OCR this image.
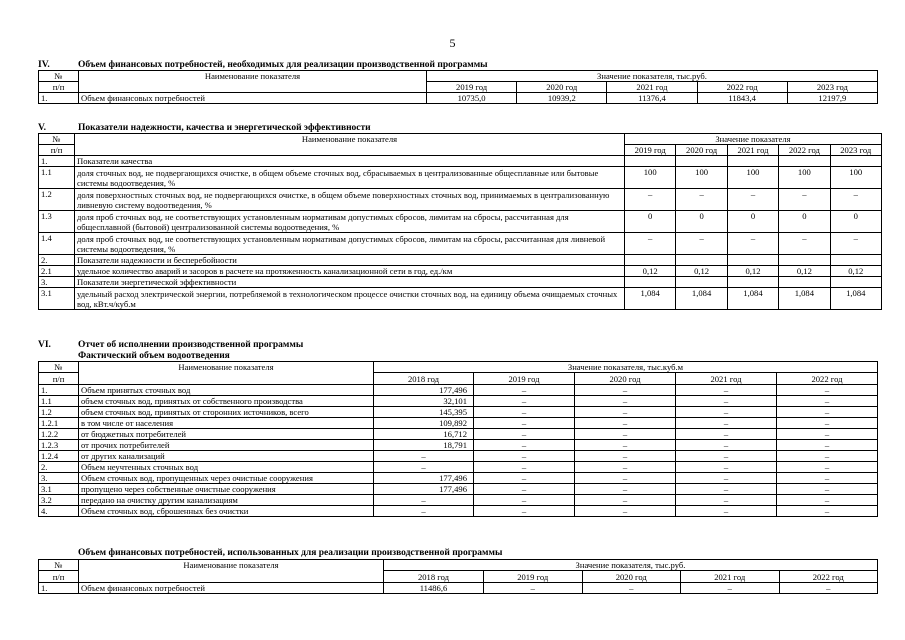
5
IV.	Объем финансовых потребностей, необходимых для реализации производственной программы
№	Наименование показателя	Значение показателя, тыс.руб.				
п/п		2019 год	2020 год	2021 год	2022 год	2023 год
1.	Объем финансовых потребностей	10735,0	10939,2	11376,4	11843,4	12197,9
V.	Показатели надежности, качества и энергетической эффективности
№	Наименование показателя	Значение показателя				
п/п		2019 год	2020 год	2021 год	2022 год	2023 год
1.	Показатели качества					
1.1	доля сточных вод, не подвергающихся очистке, в общем объеме сточных вод, сбрасываемых в централизованные общесплавные или бытовые системы водоотведения, %	100	100	100	100	100
1.2	доля поверхностных сточных вод, не подвергающихся очистке, в общем объеме поверхностных сточных вод, принимаемых в централизованную ливневую систему водоотведения, %	–	–	–	–	–
1.3	доля проб сточных вод, не соответствующих установленным нормативам допустимых сбросов, лимитам на сбросы, рассчитанная для общесплавной (бытовой) централизованной системы водоотведения, %	0	0	0	0	0
1.4	доля проб сточных вод, не соответствующих установленным нормативам допустимых сбросов, лимитам на сбросы, рассчитанная для ливневой системы водоотведения, %	–	–	–	–	–
2.	Показатели надежности и бесперебойности					
2.1	удельное количество аварий и засоров в расчете на протяженность канализационной сети в год, ед./км	0,12	0,12	0,12	0,12	0,12
3.	Показатели энергетической эффективности					
3.1	удельный расход электрической энергии, потребляемой в технологическом процессе очистки сточных вод, на единицу объема очищаемых сточных вод, кВт.ч/куб.м	1,084	1,084	1,084	1,084	1,084
VI.	Отчет об исполнении производственной программы
Фактический объем водоотведения
№	Наименование показателя	Значение показателя, тыс.куб.м				
п/п		2018 год	2019 год	2020 год	2021 год	2022 год
1.	Объем принятых сточных вод	177,496	–	–	–	–
1.1	объем сточных вод, принятых от собственного производства	32,101	–	–	–	–
1.2	объем сточных вод, принятых от сторонних источников, всего	145,395	–	–	–	–
1.2.1	в том числе от населения	109,892	–	–	–	–
1.2.2	от бюджетных потребителей	16,712	–	–	–	–
1.2.3	от прочих потребителей	18,791	–	–	–	–
1.2.4	от других канализаций	–	–	–	–	–
2.	Объем неучтенных сточных вод	–	–	–	–	–
3.	Объем сточных вод, пропущенных через очистные сооружения	177,496	–	–	–	–
3.1	пропущено через собственные очистные сооружения	177,496	–	–	–	–
3.2	передано на очистку другим канализациям	–	–	–	–	–
4.	Объем сточных вод, сброшенных без очистки	–	–	–	–	–
Объем финансовых потребностей, использованных для реализации производственной программы
№	Наименование показателя	Значение показателя, тыс.руб.				
п/п		2018 год	2019 год	2020 год	2021 год	2022 год
1.	Объем финансовых потребностей	11486,6	–	–	–	–
